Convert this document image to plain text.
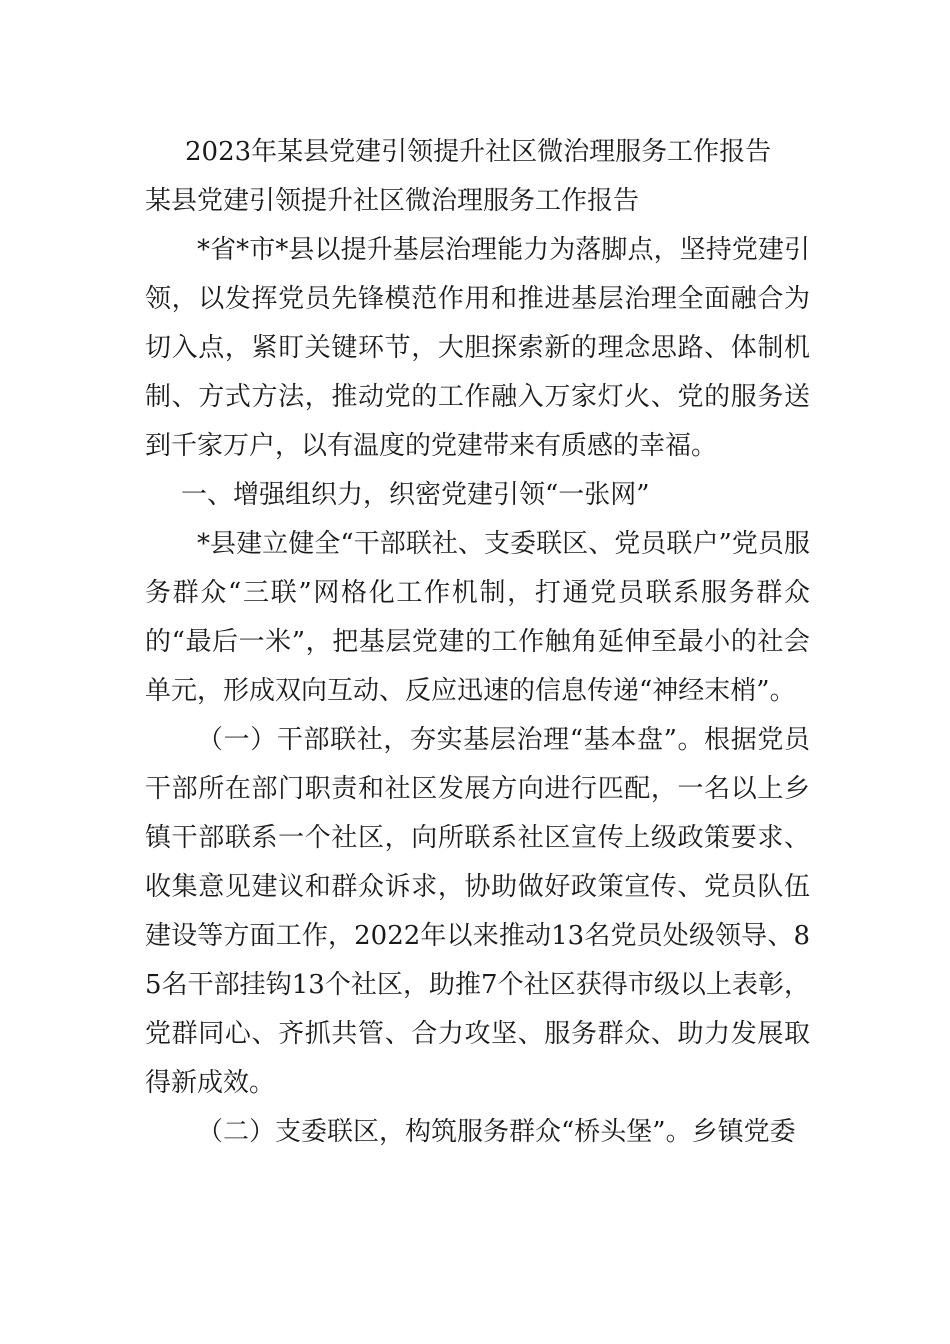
2023年某县党建引领提升社区微治理服务工作报告

某县党建引领提升社区微治理服务工作报告

*省*市*县以提升基层治理能力为落脚点，坚持党建引领，以发挥党员先锋模范作用和推进基层治理全面融合为切入点，紧盯关键环节，大胆探索新的理念思路、体制机制、方式方法，推动党的工作融入万家灯火、党的服务送到千家万户，以有温度的党建带来有质感的幸福。

一、增强组织力，织密党建引领“一张网”

*县建立健全“干部联社、支委联区、党员联户”党员服务群众“三联”网格化工作机制，打通党员联系服务群众的“最后一米”，把基层党建的工作触角延伸至最小的社会单元，形成双向互动、反应迅速的信息传递“神经末梢”。

（一）干部联社，夯实基层治理“基本盘”。根据党员干部所在部门职责和社区发展方向进行匹配，一名以上乡镇干部联系一个社区，向所联系社区宣传上级政策要求、收集意见建议和群众诉求，协助做好政策宣传、党员队伍建设等方面工作，2022年以来推动13名党员处级领导、85名干部挂钩13个社区，助推7个社区获得市级以上表彰，党群同心、齐抓共管、合力攻坚、服务群众、助力发展取得新成效。

（二）支委联区，构筑服务群众“桥头堡”。乡镇党委
